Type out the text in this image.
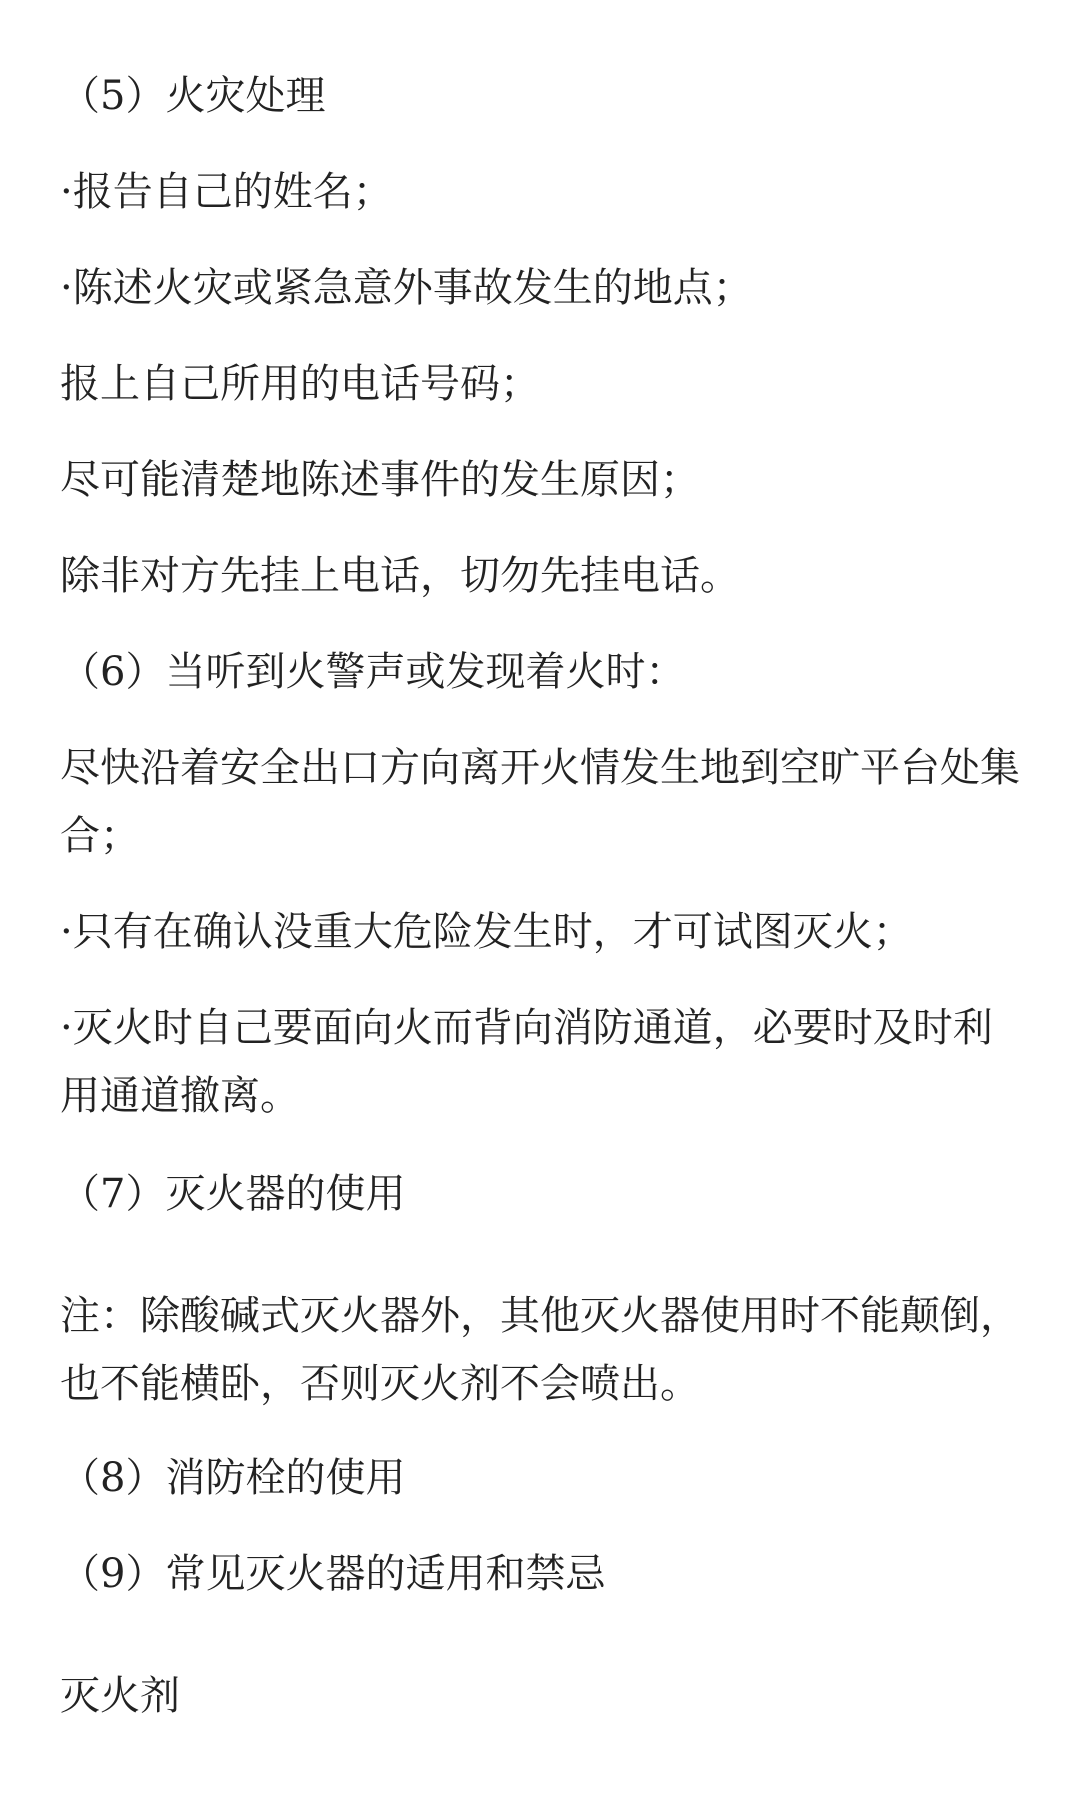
（5）火灾处理
·报告自己的姓名；
·陈述火灾或紧急意外事故发生的地点；
报上自己所用的电话号码；
尽可能清楚地陈述事件的发生原因；
除非对方先挂上电话，切勿先挂电话。
（6）当听到火警声或发现着火时：
尽快沿着安全出口方向离开火情发生地到空旷平台处集合；
·只有在确认没重大危险发生时，才可试图灭火；
·灭火时自己要面向火而背向消防通道，必要时及时利用通道撤离。
（7）灭火器的使用
注：除酸碱式灭火器外，其他灭火器使用时不能颠倒，也不能横卧，否则灭火剂不会喷出。
（8）消防栓的使用
（9）常见灭火器的适用和禁忌
灭火剂
